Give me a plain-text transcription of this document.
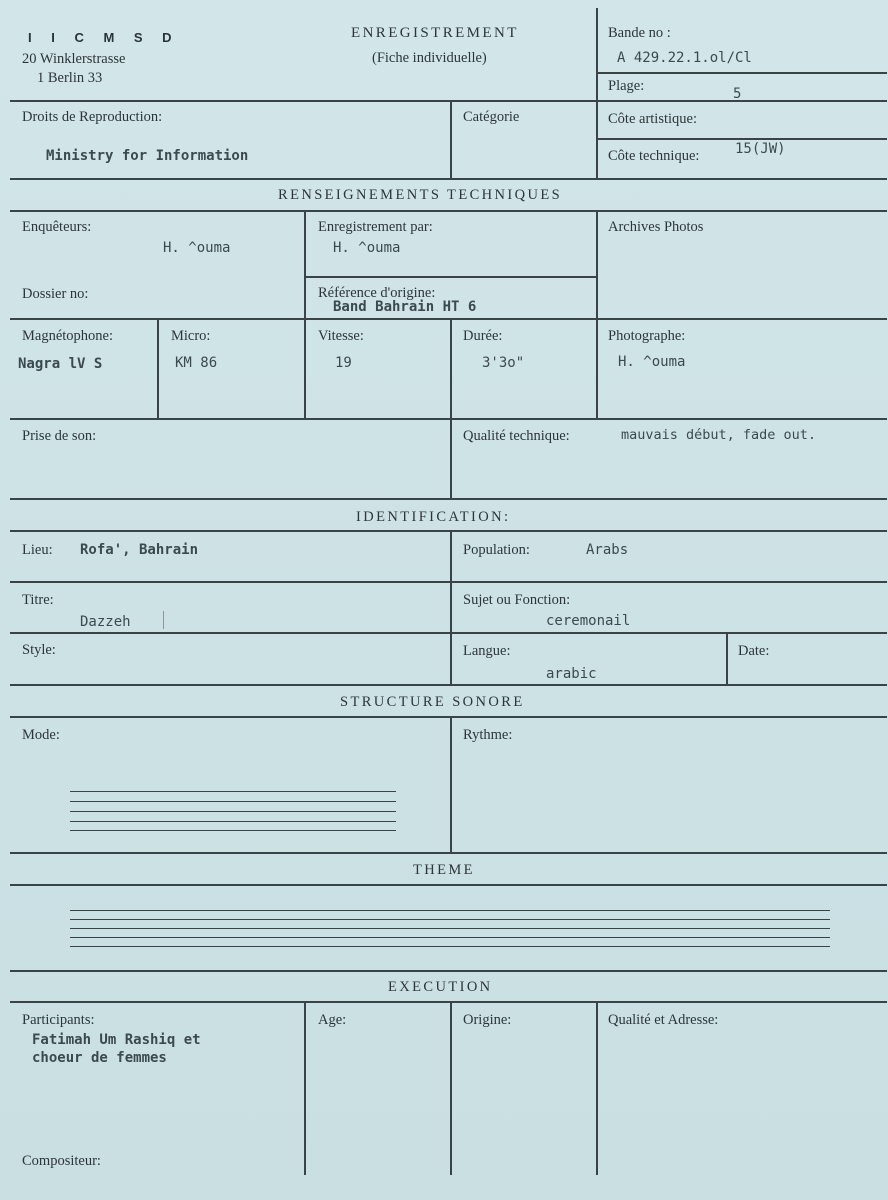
I I C M S D
20 Winklerstrasse
1 Berlin 33
ENREGISTREMENT
(Fiche individuelle)
Bande no :
A 429.22.1.ol/Cl
Plage:	5
Droits de Reproduction:
Ministry for Information
Catégorie	Côte artistique:
Côte technique:	15(JW)
RENSEIGNEMENTS TECHNIQUES
Enquêteurs:
H. ^ouma
Enregistrement par:
H. ^ouma
Archives Photos
Dossier no:	Référence d'origine:
Band Bahrain HT 6
Magnétophone:
Nagra lV S
Micro:
KM 86
Vitesse:
19
Durée:
3'3o"
Photographe:
H. ^ouma
Prise de son:	Qualité technique:	mauvais début, fade out.
IDENTIFICATION:
Lieu: Rofa', Bahrain	Population:	Arabs
Titre:
Dazzeh
Sujet ou Fonction:
ceremonail
Style:	Langue:
arabic
Date:
STRUCTURE SONORE
Mode:	Rythme:
THEME
EXECUTION
Participants:
Fatimah Um Rashiq et
choeur de femmes
Age:	Origine:	Qualité et Adresse:
Compositeur:
